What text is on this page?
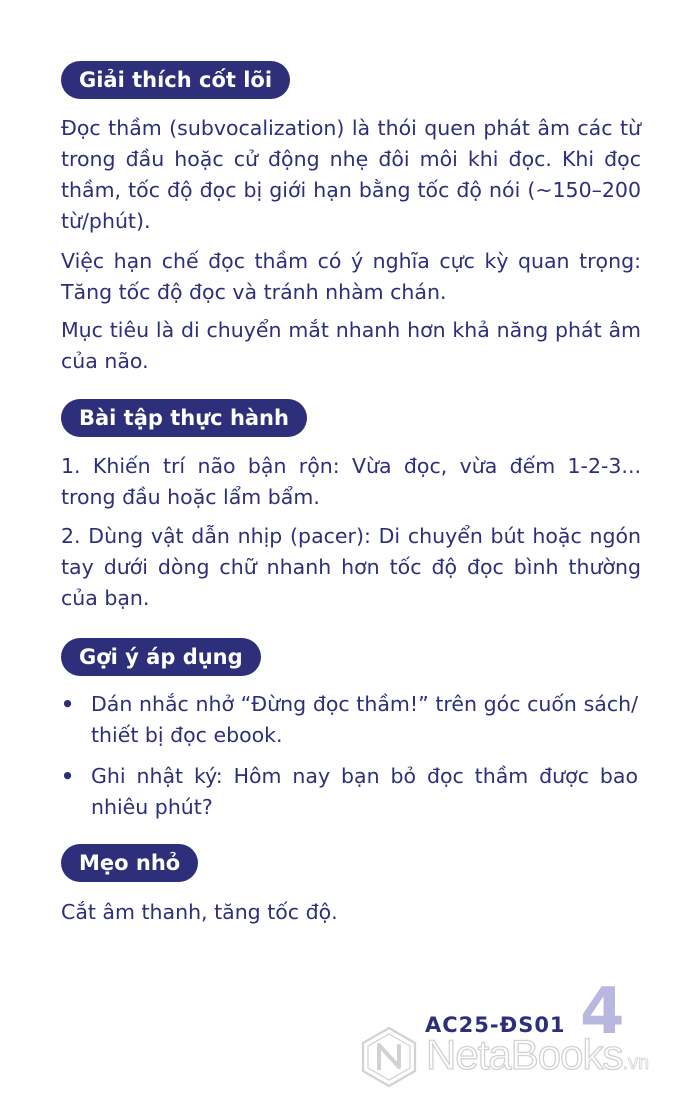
Giải thích cốt lõi

Đọc thầm (subvocalization) là thói quen phát âm các từ trong đầu hoặc cử động nhẹ đôi môi khi đọc. Khi đọc thầm, tốc độ đọc bị giới hạn bằng tốc độ nói (~150–200 từ/phút).

Việc hạn chế đọc thầm có ý nghĩa cực kỳ quan trọng: Tăng tốc độ đọc và tránh nhàm chán.

Mục tiêu là di chuyển mắt nhanh hơn khả năng phát âm của não.

Bài tập thực hành

1. Khiến trí não bận rộn: Vừa đọc, vừa đếm 1-2-3... trong đầu hoặc lẩm bẩm.

2. Dùng vật dẫn nhịp (pacer): Di chuyển bút hoặc ngón tay dưới dòng chữ nhanh hơn tốc độ đọc bình thường của bạn.

Gợi ý áp dụng
• Dán nhắc nhở “Đừng đọc thầm!” trên góc cuốn sách/ thiết bị đọc ebook.
• Ghi nhật ký: Hôm nay bạn bỏ đọc thầm được bao nhiêu phút?
Mẹo nhỏ

Cắt âm thanh, tăng tốc độ.

AC25-ĐS01 4
NetaBooks.vn
